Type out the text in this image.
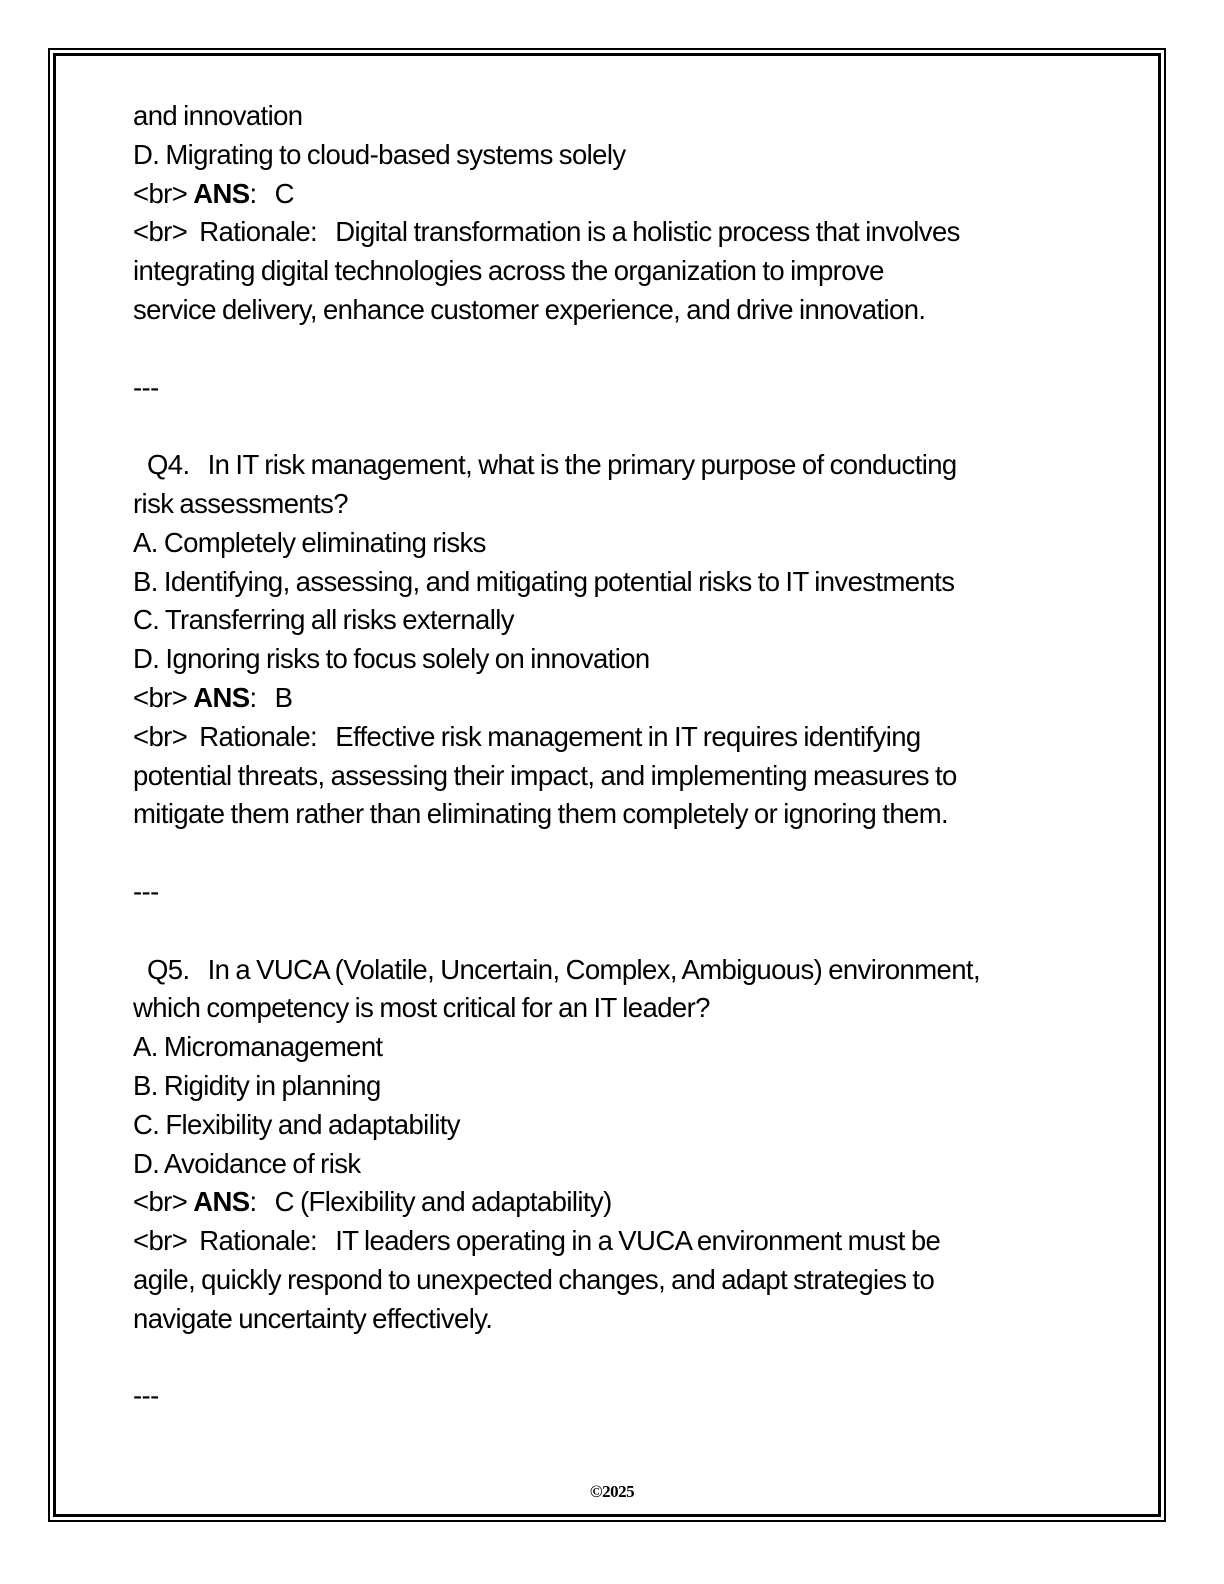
and innovation
D. Migrating to cloud-based systems solely
<br> ANS:   C
<br>  Rationale:   Digital transformation is a holistic process that involves
integrating digital technologies across the organization to improve
service delivery, enhance customer experience, and drive innovation.
---
Q4.   In IT risk management, what is the primary purpose of conducting
risk assessments?
A. Completely eliminating risks
B. Identifying, assessing, and mitigating potential risks to IT investments
C. Transferring all risks externally
D. Ignoring risks to focus solely on innovation
<br> ANS:   B
<br>  Rationale:   Effective risk management in IT requires identifying
potential threats, assessing their impact, and implementing measures to
mitigate them rather than eliminating them completely or ignoring them.
---
Q5.   In a VUCA (Volatile, Uncertain, Complex, Ambiguous) environment,
which competency is most critical for an IT leader?
A. Micromanagement
B. Rigidity in planning
C. Flexibility and adaptability
D. Avoidance of risk
<br> ANS:   C (Flexibility and adaptability)
<br>  Rationale:   IT leaders operating in a VUCA environment must be
agile, quickly respond to unexpected changes, and adapt strategies to
navigate uncertainty effectively.
---
©2025
